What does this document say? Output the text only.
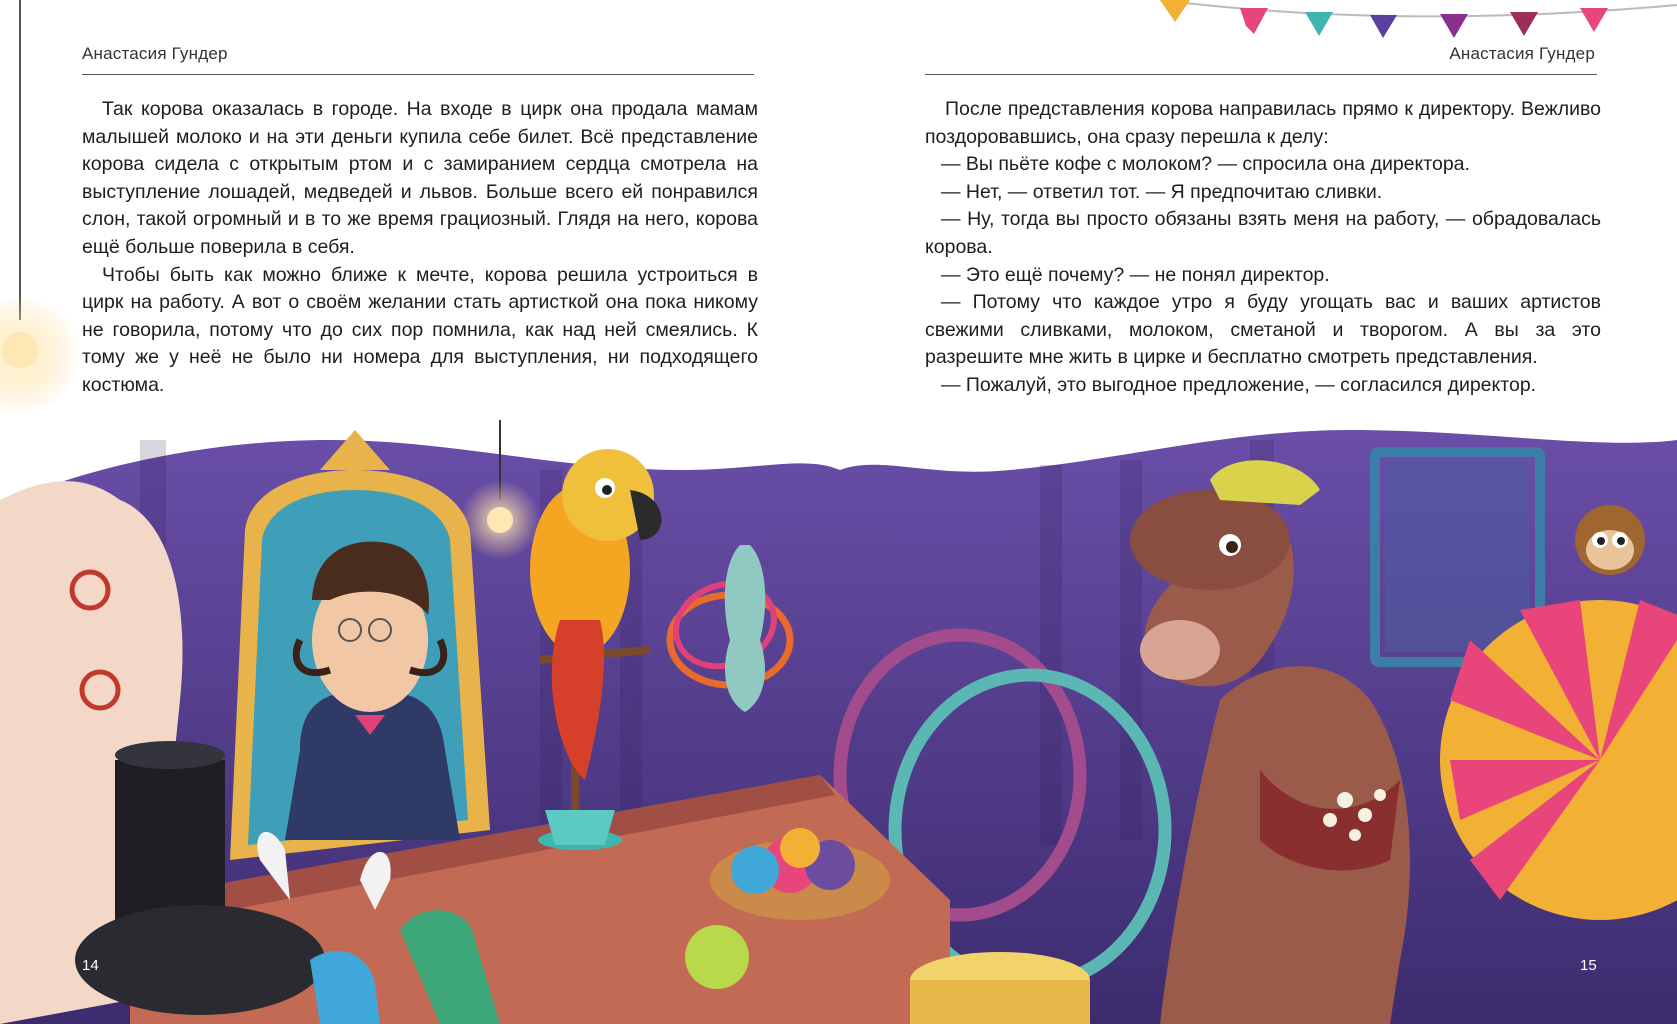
Анастасия Гундер

Так корова оказалась в городе. На входе в цирк она продала мамам малышей молоко и на эти деньги купила себе билет. Всё представление корова сидела с открытым ртом и с замиранием сердца смотрела на выступление лошадей, медведей и львов. Больше всего ей понравился слон, такой огромный и в то же время грациозный. Глядя на него, корова ещё больше поверила в себя.

Чтобы быть как можно ближе к мечте, корова решила устроиться в цирк на работу. А вот о своём желании стать артисткой она пока никому не говорила, потому что до сих пор помнила, как над ней смеялись. К тому же у неё не было ни номера для выступления, ни подходящего костюма.

14
Анастасия Гундер

После представления корова направилась прямо к директору. Вежливо поздоровавшись, она сразу перешла к делу:

— Вы пьёте кофе с молоком? — спросила она директора.

— Нет, — ответил тот. — Я предпочитаю сливки.

— Ну, тогда вы просто обязаны взять меня на работу, — обрадовалась корова.

— Это ещё почему? — не понял директор.

— Потому что каждое утро я буду угощать вас и ваших артистов свежими сливками, молоком, сметаной и творогом. А вы за это разрешите мне жить в цирке и бесплатно смотреть представления.

— Пожалуй, это выгодное предложение, — согласился директор.

15
